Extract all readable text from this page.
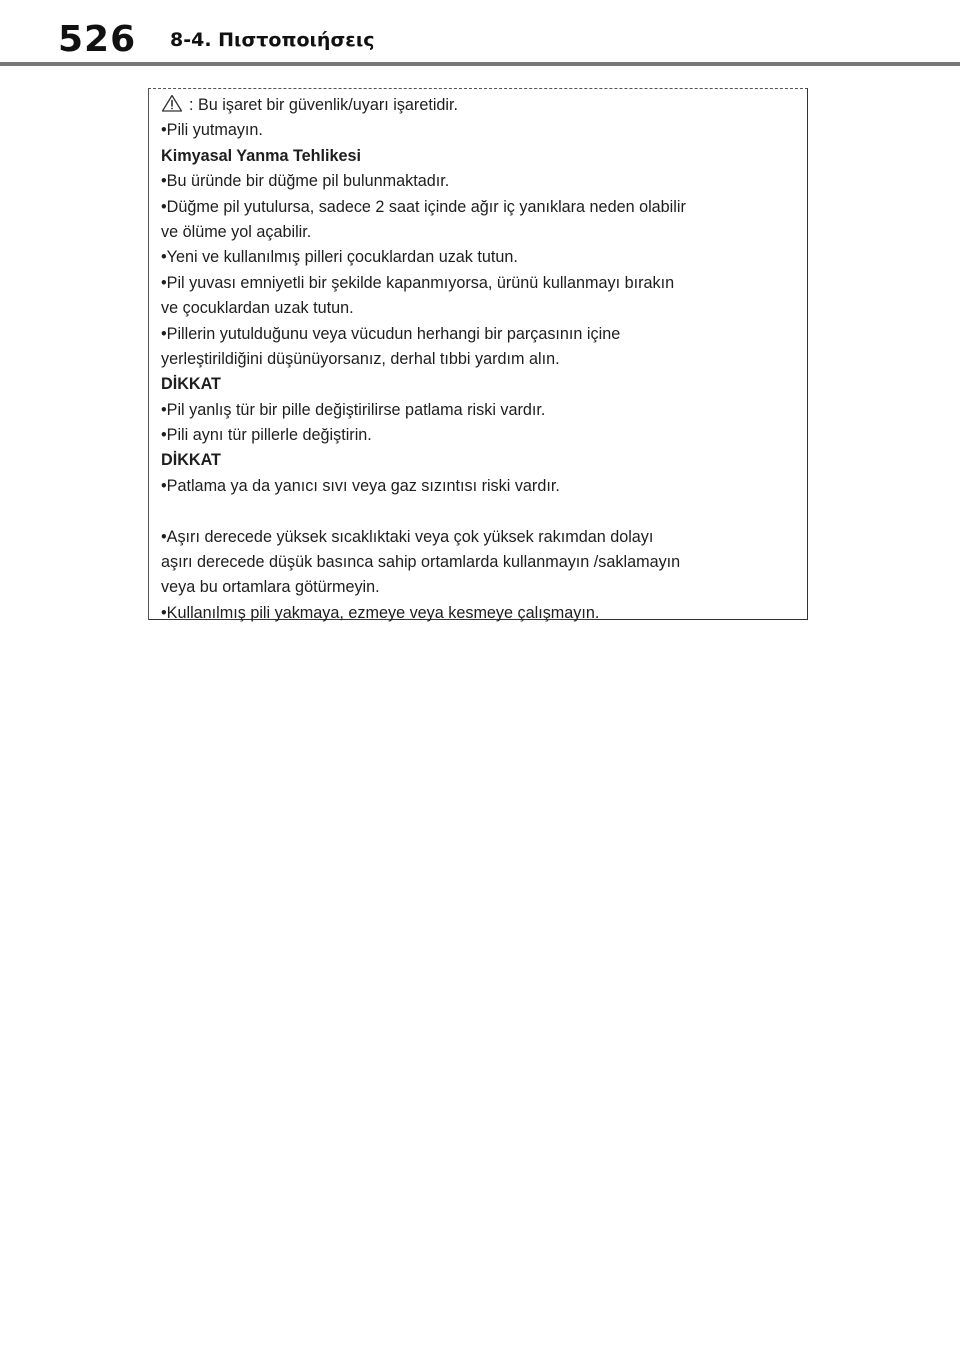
526 8-4. Πιστοποιήσεις
: Bu işaret bir güvenlik/uyarı işaretidir.
•Pili yutmayın.
Kimyasal Yanma Tehlikesi
•Bu üründe bir düğme pil bulunmaktadır.
•Düğme pil yutulursa, sadece 2 saat içinde ağır iç yanıklara neden olabilir
ve ölüme yol açabilir.
•Yeni ve kullanılmış pilleri çocuklardan uzak tutun.
•Pil yuvası emniyetli bir şekilde kapanmıyorsa, ürünü kullanmayı bırakın
ve çocuklardan uzak tutun.
•Pillerin yutulduğunu veya vücudun herhangi bir parçasının içine
yerleştirildiğini düşünüyorsanız, derhal tıbbi yardım alın.
DİKKAT
•Pil yanlış tür bir pille değiştirilirse patlama riski vardır.
•Pili aynı tür pillerle değiştirin.
DİKKAT
•Patlama ya da yanıcı sıvı veya gaz sızıntısı riski vardır.
•Aşırı derecede yüksek sıcaklıktaki veya çok yüksek rakımdan dolayı
aşırı derecede düşük basınca sahip ortamlarda kullanmayın /saklamayın
veya bu ortamlara götürmeyin.
•Kullanılmış pili yakmaya, ezmeye veya kesmeye çalışmayın.
